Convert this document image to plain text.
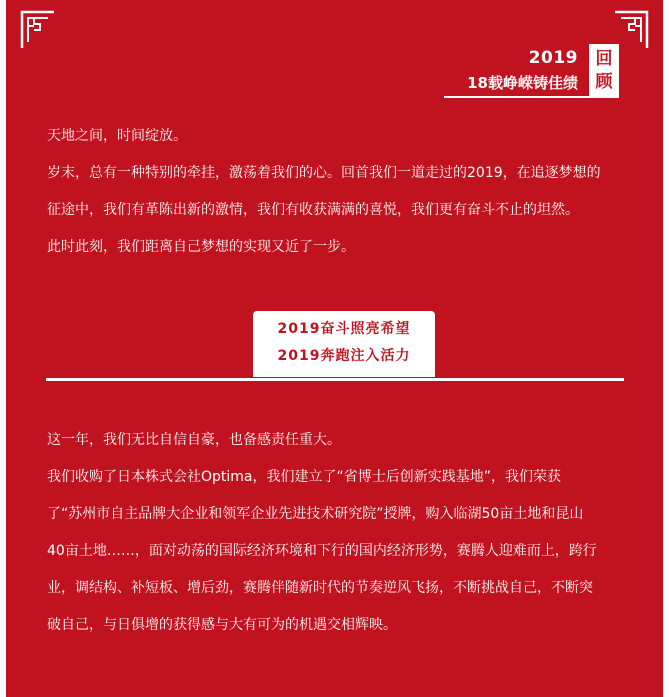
2019
18载峥嵘铸佳绩
回
顾
天地之间，时间绽放。
岁末，总有一种特别的牵挂，激荡着我们的心。回首我们一道走过的2019，在追逐梦想的
征途中，我们有革陈出新的激情，我们有收获满满的喜悦，我们更有奋斗不止的坦然。
此时此刻，我们距离自己梦想的实现又近了一步。
2019奋斗照亮希望
2019奔跑注入活力
这一年，我们无比自信自豪，也备感责任重大。
我们收购了日本株式会社Optima，我们建立了“省博士后创新实践基地”，我们荣获
了“苏州市自主品牌大企业和领军企业先进技术研究院”授牌，购入临湖50亩土地和昆山
40亩土地……，面对动荡的国际经济环境和下行的国内经济形势，赛腾人迎难而上，跨行
业，调结构、补短板、增后劲，赛腾伴随新时代的节奏逆风飞扬，不断挑战自己，不断突
破自己，与日俱增的获得感与大有可为的机遇交相辉映。
